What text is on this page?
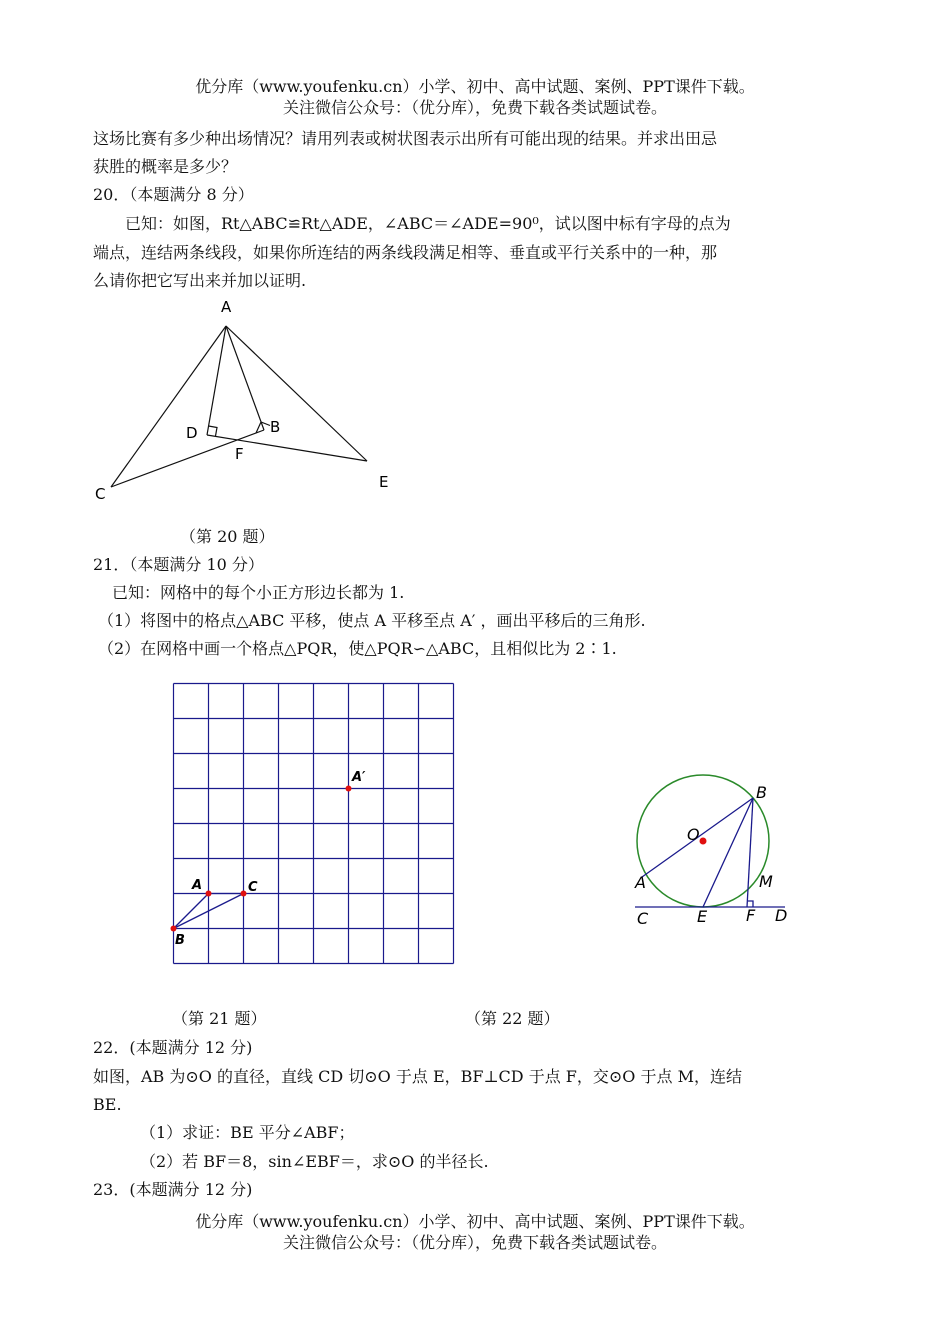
优分库（www.youfenku.cn）小学、初中、高中试题、案例、PPT课件下载。
关注微信公众号：（优分库），免费下载各类试题试卷。
这场比赛有多少种出场情况？请用列表或树状图表示出所有可能出现的结果。并求出田忌
获胜的概率是多少？
20．（本题满分 8 分）
已知：如图，Rt△ABC≌Rt△ADE，∠ABC＝∠ADE=90⁰，试以图中标有字母的点为
端点，连结两条线段，如果你所连结的两条线段满足相等、垂直或平行关系中的一种，那
么请你把它写出来并加以证明.
A
D	B
F
C
E
（第 20 题）
21．（本题满分 10 分）
已知：网格中的每个小正方形边长都为 1.
（1）将图中的格点△ABC 平移，使点 A 平移至点 A′ ，画出平移后的三角形.
（2）在网格中画一个格点△PQR，使△PQR∽△ABC，且相似比为 2∶1.
A	C
B
A′
B
O
A	M
C	E F D
（第 21 题）	（第 22 题）
22．(本题满分 12 分)
如图，AB 为⊙O 的直径，直线 CD 切⊙O 于点 E，BF⊥CD 于点 F，交⊙O 于点 M，连结
BE.
（1）求证：BE 平分∠ABF；
（2）若 BF＝8，sin∠EBF＝，求⊙O 的半径长.
23．(本题满分 12 分)
优分库（www.youfenku.cn）小学、初中、高中试题、案例、PPT课件下载。
关注微信公众号：（优分库），免费下载各类试题试卷。
